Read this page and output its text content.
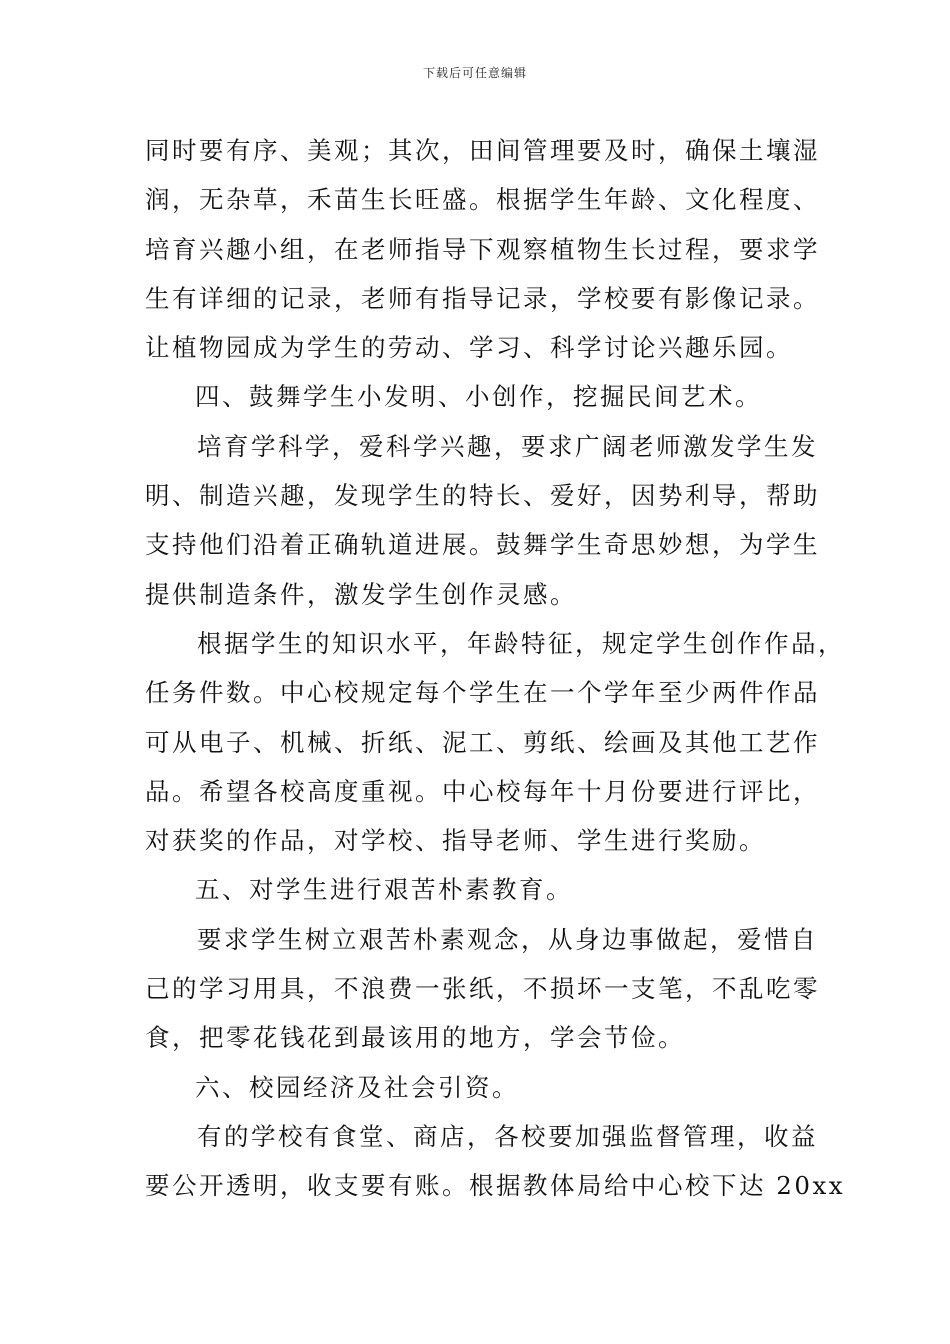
下载后可任意编辑
同时要有序、美观；其次，田间管理要及时，确保土壤湿
润，无杂草，禾苗生长旺盛。根据学生年龄、文化程度、
培育兴趣小组，在老师指导下观察植物生长过程，要求学
生有详细的记录，老师有指导记录，学校要有影像记录。
让植物园成为学生的劳动、学习、科学讨论兴趣乐园。
四、鼓舞学生小发明、小创作，挖掘民间艺术。
培育学科学，爱科学兴趣，要求广阔老师激发学生发
明、制造兴趣，发现学生的特长、爱好，因势利导，帮助
支持他们沿着正确轨道进展。鼓舞学生奇思妙想，为学生
提供制造条件，激发学生创作灵感。
根据学生的知识水平，年龄特征，规定学生创作作品，
任务件数。中心校规定每个学生在一个学年至少两件作品
可从电子、机械、折纸、泥工、剪纸、绘画及其他工艺作
品。希望各校高度重视。中心校每年十月份要进行评比，
对获奖的作品，对学校、指导老师、学生进行奖励。
五、对学生进行艰苦朴素教育。
要求学生树立艰苦朴素观念，从身边事做起，爱惜自
己的学习用具，不浪费一张纸，不损坏一支笔，不乱吃零
食，把零花钱花到最该用的地方，学会节俭。
六、校园经济及社会引资。
有的学校有食堂、商店，各校要加强监督管理，收益
要公开透明，收支要有账。根据教体局给中心校下达 20xx
